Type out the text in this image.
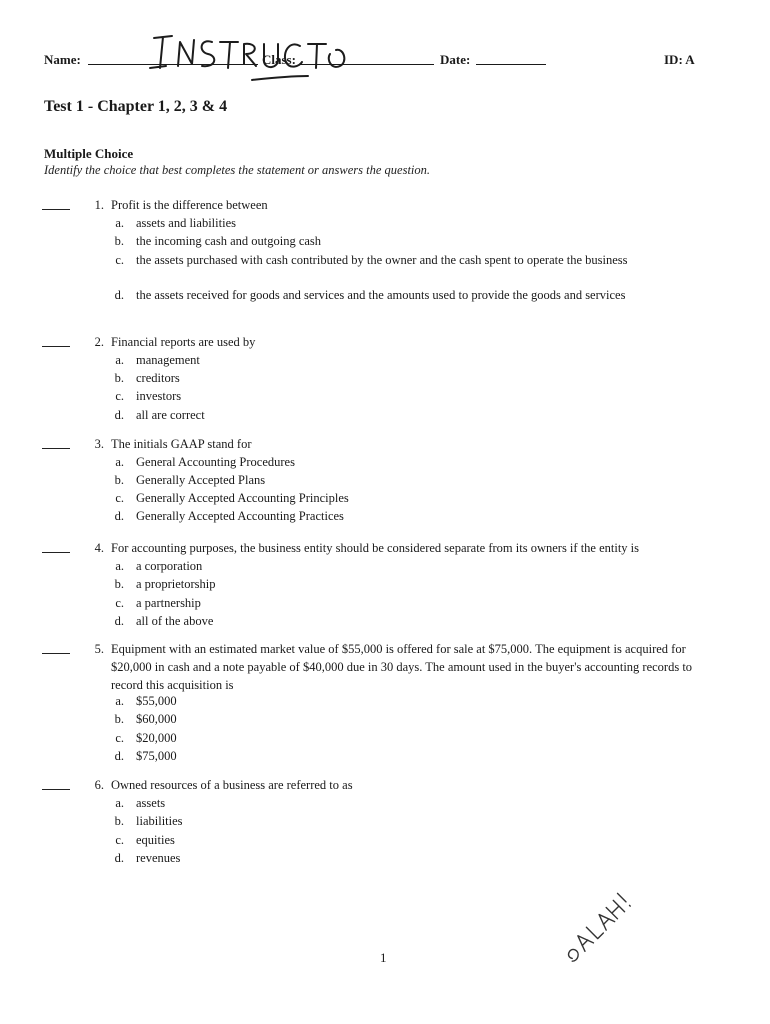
Name:	Class:	Date:	ID: A
Test 1 - Chapter 1, 2, 3 & 4
Multiple Choice
Identify the choice that best completes the statement or answers the question.
1. Profit is the difference between
a. assets and liabilities
b. the incoming cash and outgoing cash
c. the assets purchased with cash contributed by the owner and the cash spent to operate the business
d. the assets received for goods and services and the amounts used to provide the goods and services
2. Financial reports are used by
a. management
b. creditors
c. investors
d. all are correct
3. The initials GAAP stand for
a. General Accounting Procedures
b. Generally Accepted Plans
c. Generally Accepted Accounting Principles
d. Generally Accepted Accounting Practices
4. For accounting purposes, the business entity should be considered separate from its owners if the entity is
a. a corporation
b. a proprietorship
c. a partnership
d. all of the above
5. Equipment with an estimated market value of $55,000 is offered for sale at $75,000. The equipment is acquired for $20,000 in cash and a note payable of $40,000 due in 30 days. The amount used in the buyer's accounting records to record this acquisition is
a. $55,000
b. $60,000
c. $20,000
d. $75,000
6. Owned resources of a business are referred to as
a. assets
b. liabilities
c. equities
d. revenues
1
